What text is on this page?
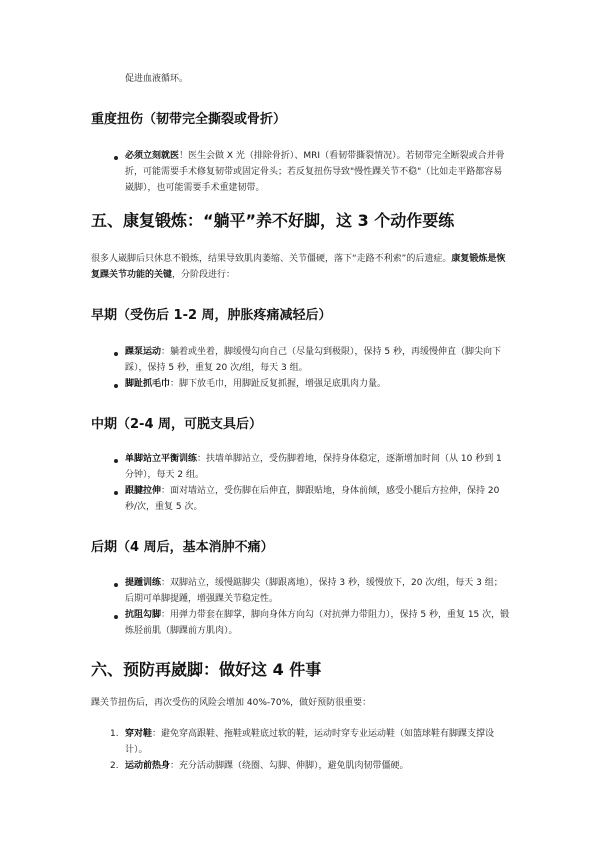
促进血液循环。
重度扭伤（韧带完全撕裂或骨折）
必须立刻就医！医生会做 X 光（排除骨折）、MRI（看韧带撕裂情况）。若韧带完全断裂或合并骨折，可能需要手术修复韧带或固定骨头；若反复扭伤导致"慢性踝关节不稳"（比如走平路都容易崴脚），也可能需要手术重建韧带。
五、康复锻炼：“躺平”养不好脚，这 3 个动作要练
很多人崴脚后只休息不锻炼，结果导致肌肉萎缩、关节僵硬，落下“走路不利索”的后遗症。康复锻炼是恢复踝关节功能的关键，分阶段进行：
早期（受伤后 1-2 周，肿胀疼痛减轻后）
踝泵运动：躺着或坐着，脚缓慢勾向自己（尽量勾到极限），保持 5 秒，再缓慢伸直（脚尖向下踩），保持 5 秒，重复 20 次/组，每天 3 组。
脚趾抓毛巾：脚下放毛巾，用脚趾反复抓握，增强足底肌肉力量。
中期（2-4 周，可脱支具后）
单脚站立平衡训练：扶墙单脚站立，受伤脚着地，保持身体稳定，逐渐增加时间（从 10 秒到 1 分钟），每天 2 组。
跟腱拉伸：面对墙站立，受伤脚在后伸直，脚跟贴地，身体前倾，感受小腿后方拉伸，保持 20 秒/次，重复 5 次。
后期（4 周后，基本消肿不痛）
提踵训练：双脚站立，缓慢踮脚尖（脚跟离地），保持 3 秒，缓慢放下，20 次/组，每天 3 组；后期可单脚提踵，增强踝关节稳定性。
抗阻勾脚：用弹力带套在脚掌，脚向身体方向勾（对抗弹力带阻力），保持 5 秒，重复 15 次，锻炼胫前肌（脚踝前方肌肉）。
六、预防再崴脚：做好这 4 件事
踝关节扭伤后，再次受伤的风险会增加 40%-70%，做好预防很重要：
1. 穿对鞋：避免穿高跟鞋、拖鞋或鞋底过软的鞋，运动时穿专业运动鞋（如篮球鞋有脚踝支撑设计）。
2. 运动前热身：充分活动脚踝（绕圈、勾脚、伸脚），避免肌肉韧带僵硬。
